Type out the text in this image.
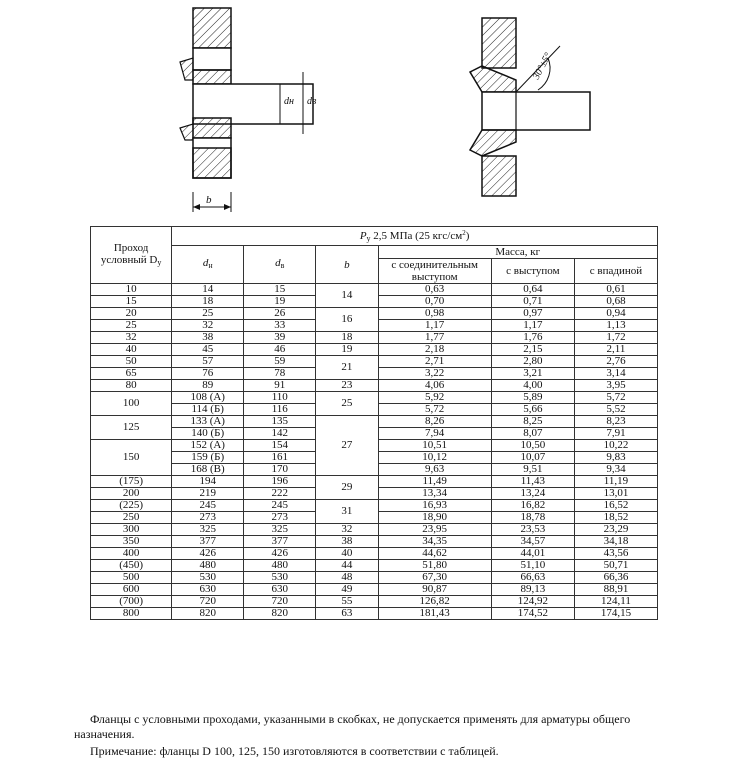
dн dв
b
30°±5°
Проход условный $D_y$	$P_y$ 2,5 МПа (25 кгс/$см^2$)					
	$d_н$	$d_в$	b	Масса, кг		
				с соединительным выступом	с выступом	с впадиной
10	14	15	14	0,63	0,64	0,61
15	18	19		0,70	0,71	0,68
20	25	26	16	0,98	0,97	0,94
25	32	33		1,17	1,17	1,13
32	38	39	18	1,77	1,76	1,72
40	45	46	19	2,18	2,15	2,11
50	57	59	21	2,71	2,80	2,76
65	76	78		3,22	3,21	3,14
80	89	91	23	4,06	4,00	3,95
100	108 (А)	110	25	5,92	5,89	5,72
	114 (Б)	116		5,72	5,66	5,52
125	133 (А)	135	27	8,26	8,25	8,23
	140 (Б)	142		7,94	8,07	7,91
150	152 (А)	154		10,51	10,50	10,22
	159 (Б)	161		10,12	10,07	9,83
	168 (В)	170		9,63	9,51	9,34
(175)	194	196	29	11,49	11,43	11,19
200	219	222		13,34	13,24	13,01
(225)	245	245	31	16,93	16,82	16,52
250	273	273		18,90	18,78	18,52
300	325	325	32	23,95	23,53	23,29
350	377	377	38	34,35	34,57	34,18
400	426	426	40	44,62	44,01	43,56
(450)	480	480	44	51,80	51,10	50,71
500	530	530	48	67,30	66,63	66,36
600	630	630	49	90,87	89,13	88,91
(700)	720	720	55	126,82	124,92	124,11
800	820	820	63	181,43	174,52	174,15
Фланцы с условными проходами, указанными в скобках, не допускается применять для арматуры общего назначения.
Примечание: фланцы D 100, 125, 150 изготовляются в соответствии с таблицей.
